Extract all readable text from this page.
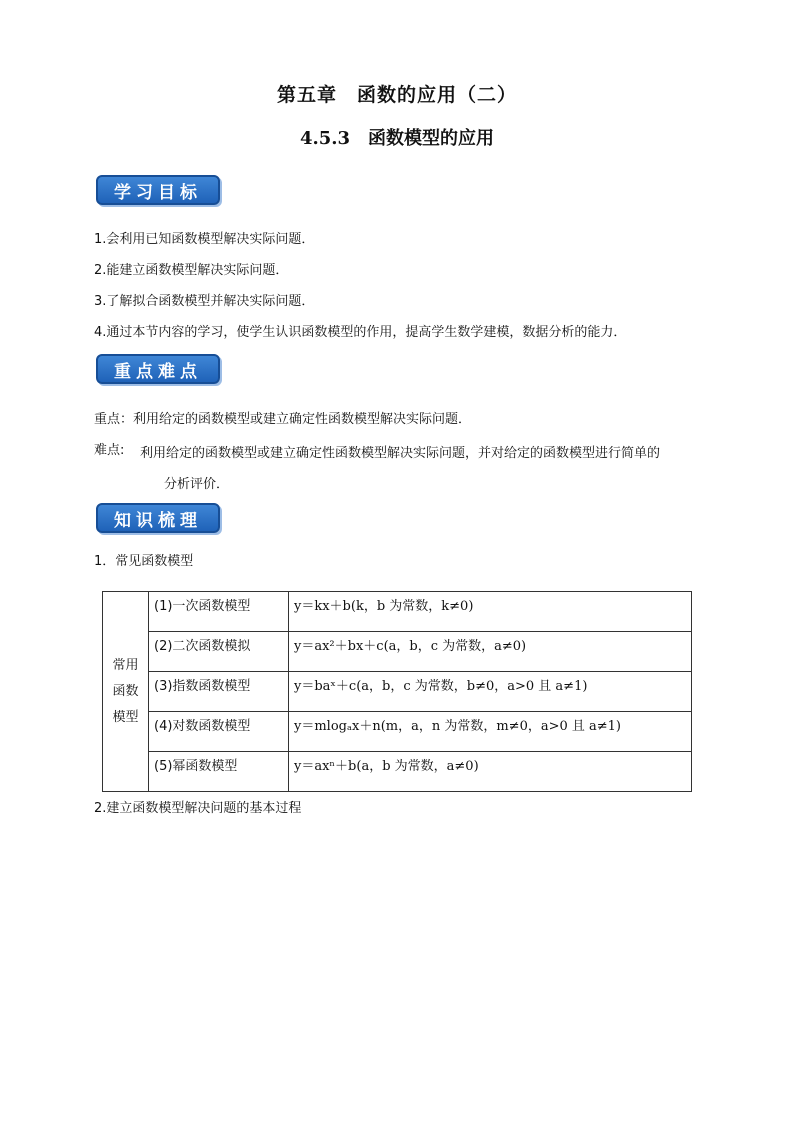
第五章　函数的应用（二）
4.5.3　函数模型的应用
学习目标
1.会利用已知函数模型解决实际问题．
2.能建立函数模型解决实际问题．
3.了解拟合函数模型并解决实际问题．
4.通过本节内容的学习，使学生认识函数模型的作用，提高学生数学建模，数据分析的能力．
重点难点
重点：利用给定的函数模型或建立确定性函数模型解决实际问题．
难点: 利用给定的函数模型或建立确定性函数模型解决实际问题，并对给定的函数模型进行简单的
分析评价．
知识梳理
1．常见函数模型
常用
函数
模型	(1)一次函数模型	y＝kx＋b(k，b 为常数，k≠0)
	(2)二次函数模拟	y＝ax²＋bx＋c(a，b，c 为常数，a≠0)
	(3)指数函数模型	y＝baˣ＋c(a，b，c 为常数，b≠0，a>0 且 a≠1)
	(4)对数函数模型	y＝mlogₐx＋n(m，a，n 为常数，m≠0，a>0 且 a≠1)
	(5)幂函数模型	y＝axⁿ＋b(a，b 为常数，a≠0)
2.建立函数模型解决问题的基本过程
